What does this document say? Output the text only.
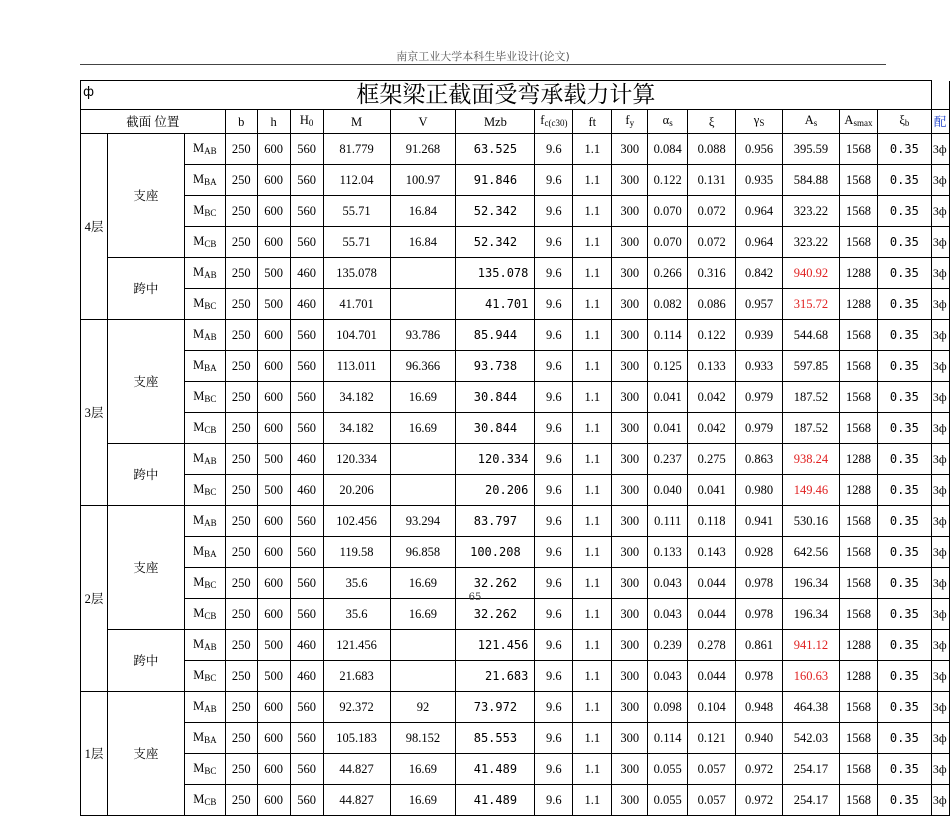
南京工业大学本科生毕业设计(论文)
ф 框架梁正截面受弯承载力计算																		
截面 位置			b	h	$H_0$	M	V	Mzb	$f_{c(c30)}$	ft	$f_y$	$\alpha_s$	ξ	$\gamma_S$	$A_s$	$A_{smax}$	$\xi_b$	配
4层	支座	$M_{AB}$	250	600	560	81.779	91.268	63.525	9.6	1.1	300	0.084	0.088	0.956	395.59	1568	0.35	3ф
		$M_{BA}$	250	600	560	112.04	100.97	91.846	9.6	1.1	300	0.122	0.131	0.935	584.88	1568	0.35	3ф
		$M_{BC}$	250	600	560	55.71	16.84	52.342	9.6	1.1	300	0.070	0.072	0.964	323.22	1568	0.35	3ф
		$M_{CB}$	250	600	560	55.71	16.84	52.342	9.6	1.1	300	0.070	0.072	0.964	323.22	1568	0.35	3ф
	跨中	$M_{AB}$	250	500	460	135.078		135.078	9.6	1.1	300	0.266	0.316	0.842	940.92	1288	0.35	3ф
		$M_{BC}$	250	500	460	41.701		41.701	9.6	1.1	300	0.082	0.086	0.957	315.72	1288	0.35	3ф
3层	支座	$M_{AB}$	250	600	560	104.701	93.786	85.944	9.6	1.1	300	0.114	0.122	0.939	544.68	1568	0.35	3ф
		$M_{BA}$	250	600	560	113.011	96.366	93.738	9.6	1.1	300	0.125	0.133	0.933	597.85	1568	0.35	3ф
		$M_{BC}$	250	600	560	34.182	16.69	30.844	9.6	1.1	300	0.041	0.042	0.979	187.52	1568	0.35	3ф
		$M_{CB}$	250	600	560	34.182	16.69	30.844	9.6	1.1	300	0.041	0.042	0.979	187.52	1568	0.35	3ф
	跨中	$M_{AB}$	250	500	460	120.334		120.334	9.6	1.1	300	0.237	0.275	0.863	938.24	1288	0.35	3ф
		$M_{BC}$	250	500	460	20.206		20.206	9.6	1.1	300	0.040	0.041	0.980	149.46	1288	0.35	3ф
2层	支座	$M_{AB}$	250	600	560	102.456	93.294	83.797	9.6	1.1	300	0.111	0.118	0.941	530.16	1568	0.35	3ф
		$M_{BA}$	250	600	560	119.58	96.858	100.208	9.6	1.1	300	0.133	0.143	0.928	642.56	1568	0.35	3ф
		$M_{BC}$	250	600	560	35.6	16.69	32.262	9.6	1.1	300	0.043	0.044	0.978	196.34	1568	0.35	3ф
		$M_{CB}$	250	600	560	35.6	16.69	32.262	9.6	1.1	300	0.043	0.044	0.978	196.34	1568	0.35	3ф
	跨中	$M_{AB}$	250	500	460	121.456		121.456	9.6	1.1	300	0.239	0.278	0.861	941.12	1288	0.35	3ф
		$M_{BC}$	250	500	460	21.683		21.683	9.6	1.1	300	0.043	0.044	0.978	160.63	1288	0.35	3ф
1层	支座	$M_{AB}$	250	600	560	92.372	92	73.972	9.6	1.1	300	0.098	0.104	0.948	464.38	1568	0.35	3ф
		$M_{BA}$	250	600	560	105.183	98.152	85.553	9.6	1.1	300	0.114	0.121	0.940	542.03	1568	0.35	3ф
		$M_{BC}$	250	600	560	44.827	16.69	41.489	9.6	1.1	300	0.055	0.057	0.972	254.17	1568	0.35	3ф
		$M_{CB}$	250	600	560	44.827	16.69	41.489	9.6	1.1	300	0.055	0.057	0.972	254.17	1568	0.35	3ф
65
